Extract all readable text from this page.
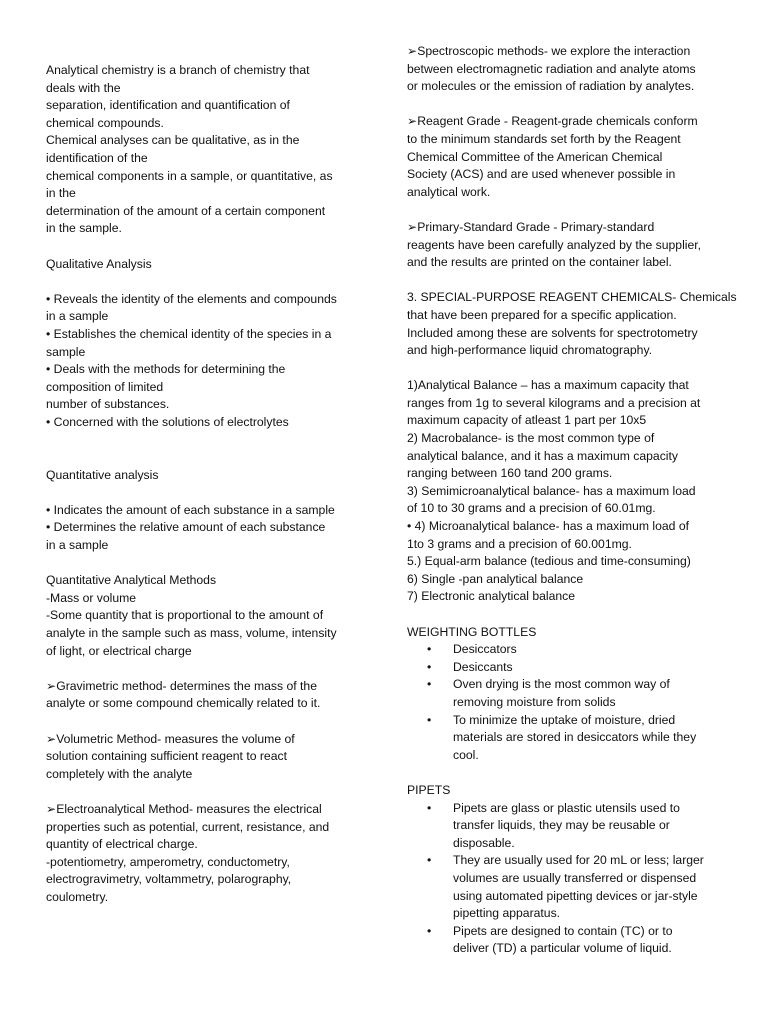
Analytical chemistry is a branch of chemistry that
deals with the
separation, identification and quantification of
chemical compounds.
Chemical analyses can be qualitative, as in the
identification of the
chemical components in a sample, or quantitative, as
in the
determination of the amount of a certain component
in the sample.
Qualitative Analysis
• Reveals the identity of the elements and compounds
in a sample
• Establishes the chemical identity of the species in a
sample
• Deals with the methods for determining the
composition of limited
number of substances.
• Concerned with the solutions of electrolytes
Quantitative analysis
• Indicates the amount of each substance in a sample
• Determines the relative amount of each substance
in a sample
Quantitative Analytical Methods
-Mass or volume
-Some quantity that is proportional to the amount of
analyte in the sample such as mass, volume, intensity
of light, or electrical charge
➢Gravimetric method- determines the mass of the
analyte or some compound chemically related to it.
➢Volumetric Method- measures the volume of
solution containing sufficient reagent to react
completely with the analyte
➢Electroanalytical Method- measures the electrical
properties such as potential, current, resistance, and
quantity of electrical charge.
-potentiometry, amperometry, conductometry,
electrogravimetry, voltammetry, polarography,
coulometry.
➢Spectroscopic methods- we explore the interaction
between electromagnetic radiation and analyte atoms
or molecules or the emission of radiation by analytes.
➢Reagent Grade - Reagent-grade chemicals conform
to the minimum standards set forth by the Reagent
Chemical Committee of the American Chemical
Society (ACS) and are used whenever possible in
analytical work.
➢Primary-Standard Grade - Primary-standard
reagents have been carefully analyzed by the supplier,
and the results are printed on the container label.
3. SPECIAL-PURPOSE REAGENT CHEMICALS- Chemicals
that have been prepared for a specific application.
Included among these are solvents for spectrotometry
and high-performance liquid chromatography.
1)Analytical Balance – has a maximum capacity that
ranges from 1g to several kilograms and a precision at
maximum capacity of atleast 1 part per 10x5
2) Macrobalance- is the most common type of
analytical balance, and it has a maximum capacity
ranging between 160 tand 200 grams.
3) Semimicroanalytical balance- has a maximum load
of 10 to 30 grams and a precision of 60.01mg.
• 4) Microanalytical balance- has a maximum load of
1to 3 grams and a precision of 60.001mg.
5.) Equal-arm balance (tedious and time-consuming)
6) Single -pan analytical balance
7) Electronic analytical balance
WEIGHTING BOTTLES
• Desiccators
• Desiccants
• Oven drying is the most common way of
removing moisture from solids
• To minimize the uptake of moisture, dried
materials are stored in desiccators while they
cool.
PIPETS
• Pipets are glass or plastic utensils used to
transfer liquids, they may be reusable or
disposable.
• They are usually used for 20 mL or less; larger
volumes are usually transferred or dispensed
using automated pipetting devices or jar-style
pipetting apparatus.
• Pipets are designed to contain (TC) or to
deliver (TD) a particular volume of liquid.
